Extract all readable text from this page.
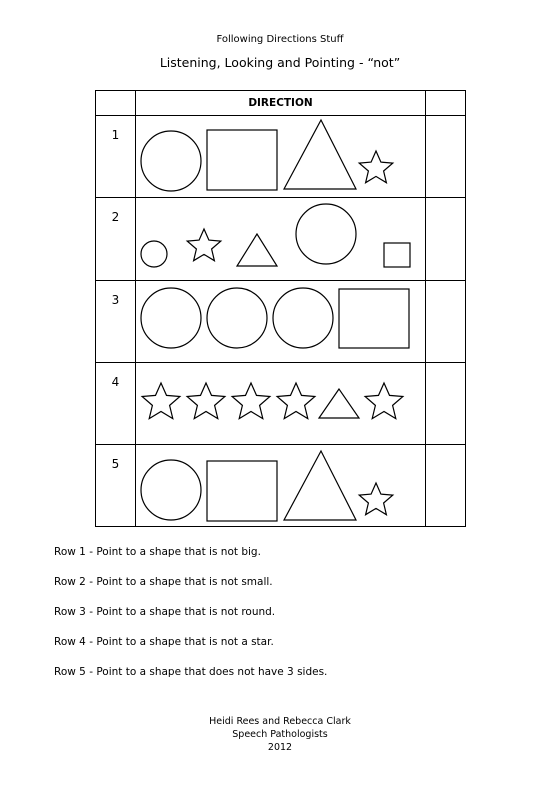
Following Directions Stuff
Listening, Looking and Pointing - “not”
	DIRECTION	
1	

2	

3	

4	

5	

Row 1 - Point to a shape that is not big.
Row 2 - Point to a shape that is not small.
Row 3 - Point to a shape that is not round.
Row 4 - Point to a shape that is not a star.
Row 5 - Point to a shape that does not have 3 sides.
Heidi Rees and Rebecca Clark
Speech Pathologists
2012
